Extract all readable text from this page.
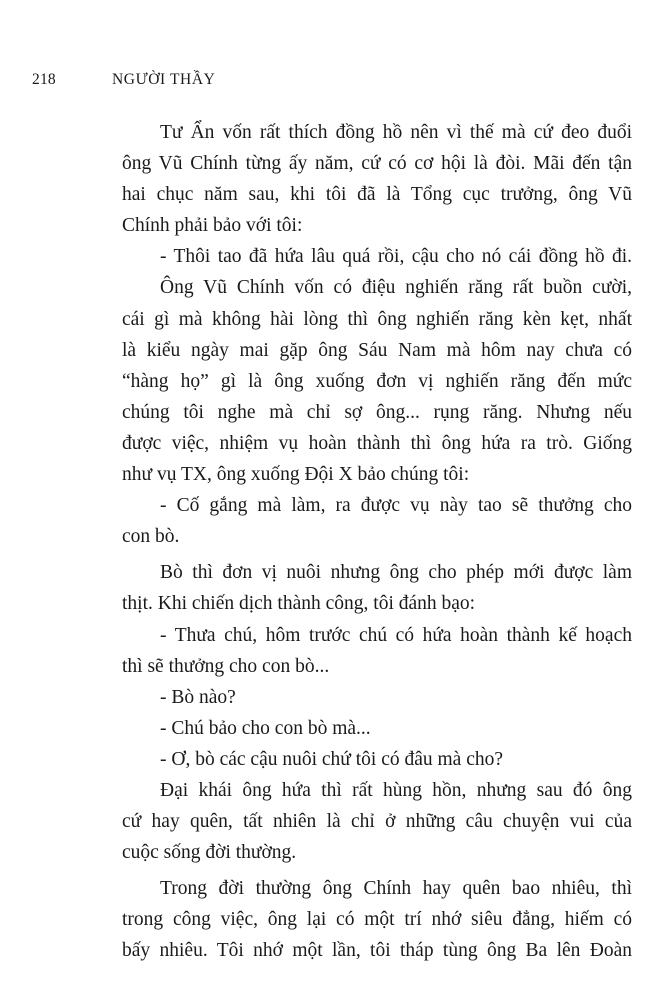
218	NGƯỜI THẦY
Tư Ẩn vốn rất thích đồng hồ nên vì thế mà cứ đeo đuổi
ông Vũ Chính từng ấy năm, cứ có cơ hội là đòi. Mãi đến tận
hai chục năm sau, khi tôi đã là Tổng cục trưởng, ông Vũ
Chính phải bảo với tôi:
- Thôi tao đã hứa lâu quá rồi, cậu cho nó cái đồng hồ đi.
Ông Vũ Chính vốn có điệu nghiến răng rất buồn cười,
cái gì mà không hài lòng thì ông nghiến răng kèn kẹt, nhất
là kiểu ngày mai gặp ông Sáu Nam mà hôm nay chưa có
“hàng họ” gì là ông xuống đơn vị nghiến răng đến mức
chúng tôi nghe mà chỉ sợ ông... rụng răng. Nhưng nếu
được việc, nhiệm vụ hoàn thành thì ông hứa ra trò. Giống
như vụ TX, ông xuống Đội X bảo chúng tôi:
- Cố gắng mà làm, ra được vụ này tao sẽ thưởng cho
con bò.
Bò thì đơn vị nuôi nhưng ông cho phép mới được làm
thịt. Khi chiến dịch thành công, tôi đánh bạo:
- Thưa chú, hôm trước chú có hứa hoàn thành kế hoạch
thì sẽ thưởng cho con bò...
- Bò nào?
- Chú bảo cho con bò mà...
- Ơ, bò các cậu nuôi chứ tôi có đâu mà cho?
Đại khái ông hứa thì rất hùng hồn, nhưng sau đó ông
cứ hay quên, tất nhiên là chỉ ở những câu chuyện vui của
cuộc sống đời thường.
Trong đời thường ông Chính hay quên bao nhiêu, thì
trong công việc, ông lại có một trí nhớ siêu đẳng, hiếm có
bấy nhiêu. Tôi nhớ một lần, tôi tháp tùng ông Ba lên Đoàn
